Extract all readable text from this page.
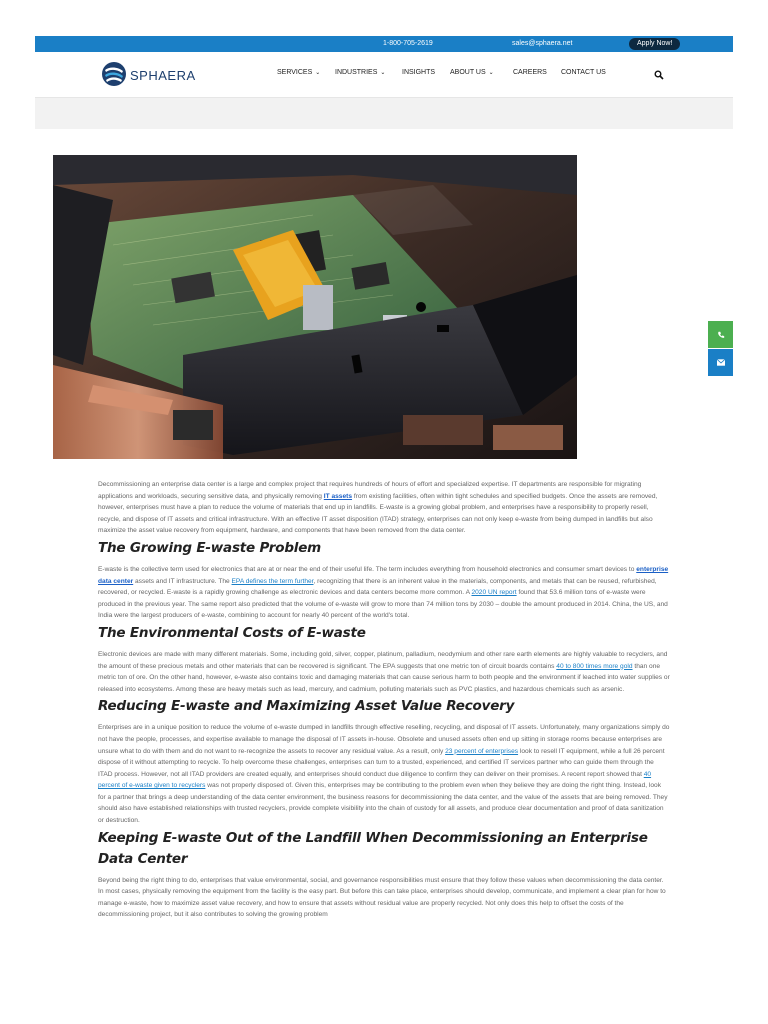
1-800-705-2619	sales@sphaera.net	Apply Now!
SPHAERA	SERVICES ⌄ INDUSTRIES ⌄ INSIGHTS ABOUT US ⌄	CAREERS CONTACT US

Decommissioning an enterprise data center is a large and complex project that requires hundreds of hours of effort and specialized expertise. IT departments are responsible for migrating applications and workloads, securing sensitive data, and physically removing IT assets from existing facilities, often within tight schedules and specified budgets. Once the assets are removed, however, enterprises must have a plan to reduce the volume of materials that end up in landfills. E-waste is a growing global problem, and enterprises have a responsibility to properly resell, recycle, and dispose of IT assets and critical infrastructure. With an effective IT asset disposition (ITAD) strategy, enterprises can not only keep e-waste from being dumped in landfills but also maximize the asset value recovery from equipment, hardware, and components that have been removed from the data center.

The Growing E-waste Problem

E-waste is the collective term used for electronics that are at or near the end of their useful life. The term includes everything from household electronics and consumer smart devices to enterprise data center assets and IT infrastructure. The EPA defines the term further, recognizing that there is an inherent value in the materials, components, and metals that can be reused, refurbished, recovered, or recycled. E-waste is a rapidly growing challenge as electronic devices and data centers become more common. A 2020 UN report found that 53.6 million tons of e-waste were produced in the previous year. The same report also predicted that the volume of e-waste will grow to more than 74 million tons by 2030 – double the amount produced in 2014. China, the US, and India were the largest producers of e-waste, combining to account for nearly 40 percent of the world's total.

The Environmental Costs of E-waste

Electronic devices are made with many different materials. Some, including gold, silver, copper, platinum, palladium, neodymium and other rare earth elements are highly valuable to recyclers, and the amount of these precious metals and other materials that can be recovered is significant. The EPA suggests that one metric ton of circuit boards contains 40 to 800 times more gold than one metric ton of ore. On the other hand, however, e-waste also contains toxic and damaging materials that can cause serious harm to both people and the environment if leached into water supplies or released into ecosystems. Among these are heavy metals such as lead, mercury, and cadmium, polluting materials such as PVC plastics, and hazardous chemicals such as arsenic.

Reducing E-waste and Maximizing Asset Value Recovery

Enterprises are in a unique position to reduce the volume of e-waste dumped in landfills through effective reselling, recycling, and disposal of IT assets. Unfortunately, many organizations simply do not have the people, processes, and expertise available to manage the disposal of IT assets in-house. Obsolete and unused assets often end up sitting in storage rooms because enterprises are unsure what to do with them and do not want to re-recognize the assets to recover any residual value. As a result, only 23 percent of enterprises look to resell IT equipment, while a full 26 percent dispose of it without attempting to recycle. To help overcome these challenges, enterprises can turn to a trusted, experienced, and certified IT services partner who can guide them through the ITAD process. However, not all ITAD providers are created equally, and enterprises should conduct due diligence to confirm they can deliver on their promises. A recent report showed that 40 percent of e-waste given to recyclers was not properly disposed of. Given this, enterprises may be contributing to the problem even when they believe they are doing the right thing. Instead, look for a partner that brings a deep understanding of the data center environment, the business reasons for decommissioning the data center, and the value of the assets that are being removed. They should also have established relationships with trusted recyclers, provide complete visibility into the chain of custody for all assets, and produce clear documentation and proof of data sanitization or destruction.

Keeping E-waste Out of the Landfill When Decommissioning an Enterprise Data Center

Beyond being the right thing to do, enterprises that value environmental, social, and governance responsibilities must ensure that they follow these values when decommissioning the data center. In most cases, physically removing the equipment from the facility is the easy part. But before this can take place, enterprises should develop, communicate, and implement a clear plan for how to manage e-waste, how to maximize asset value recovery, and how to ensure that assets without residual value are properly recycled. Not only does this help to offset the costs of the decommissioning project, but it also contributes to solving the growing problem
